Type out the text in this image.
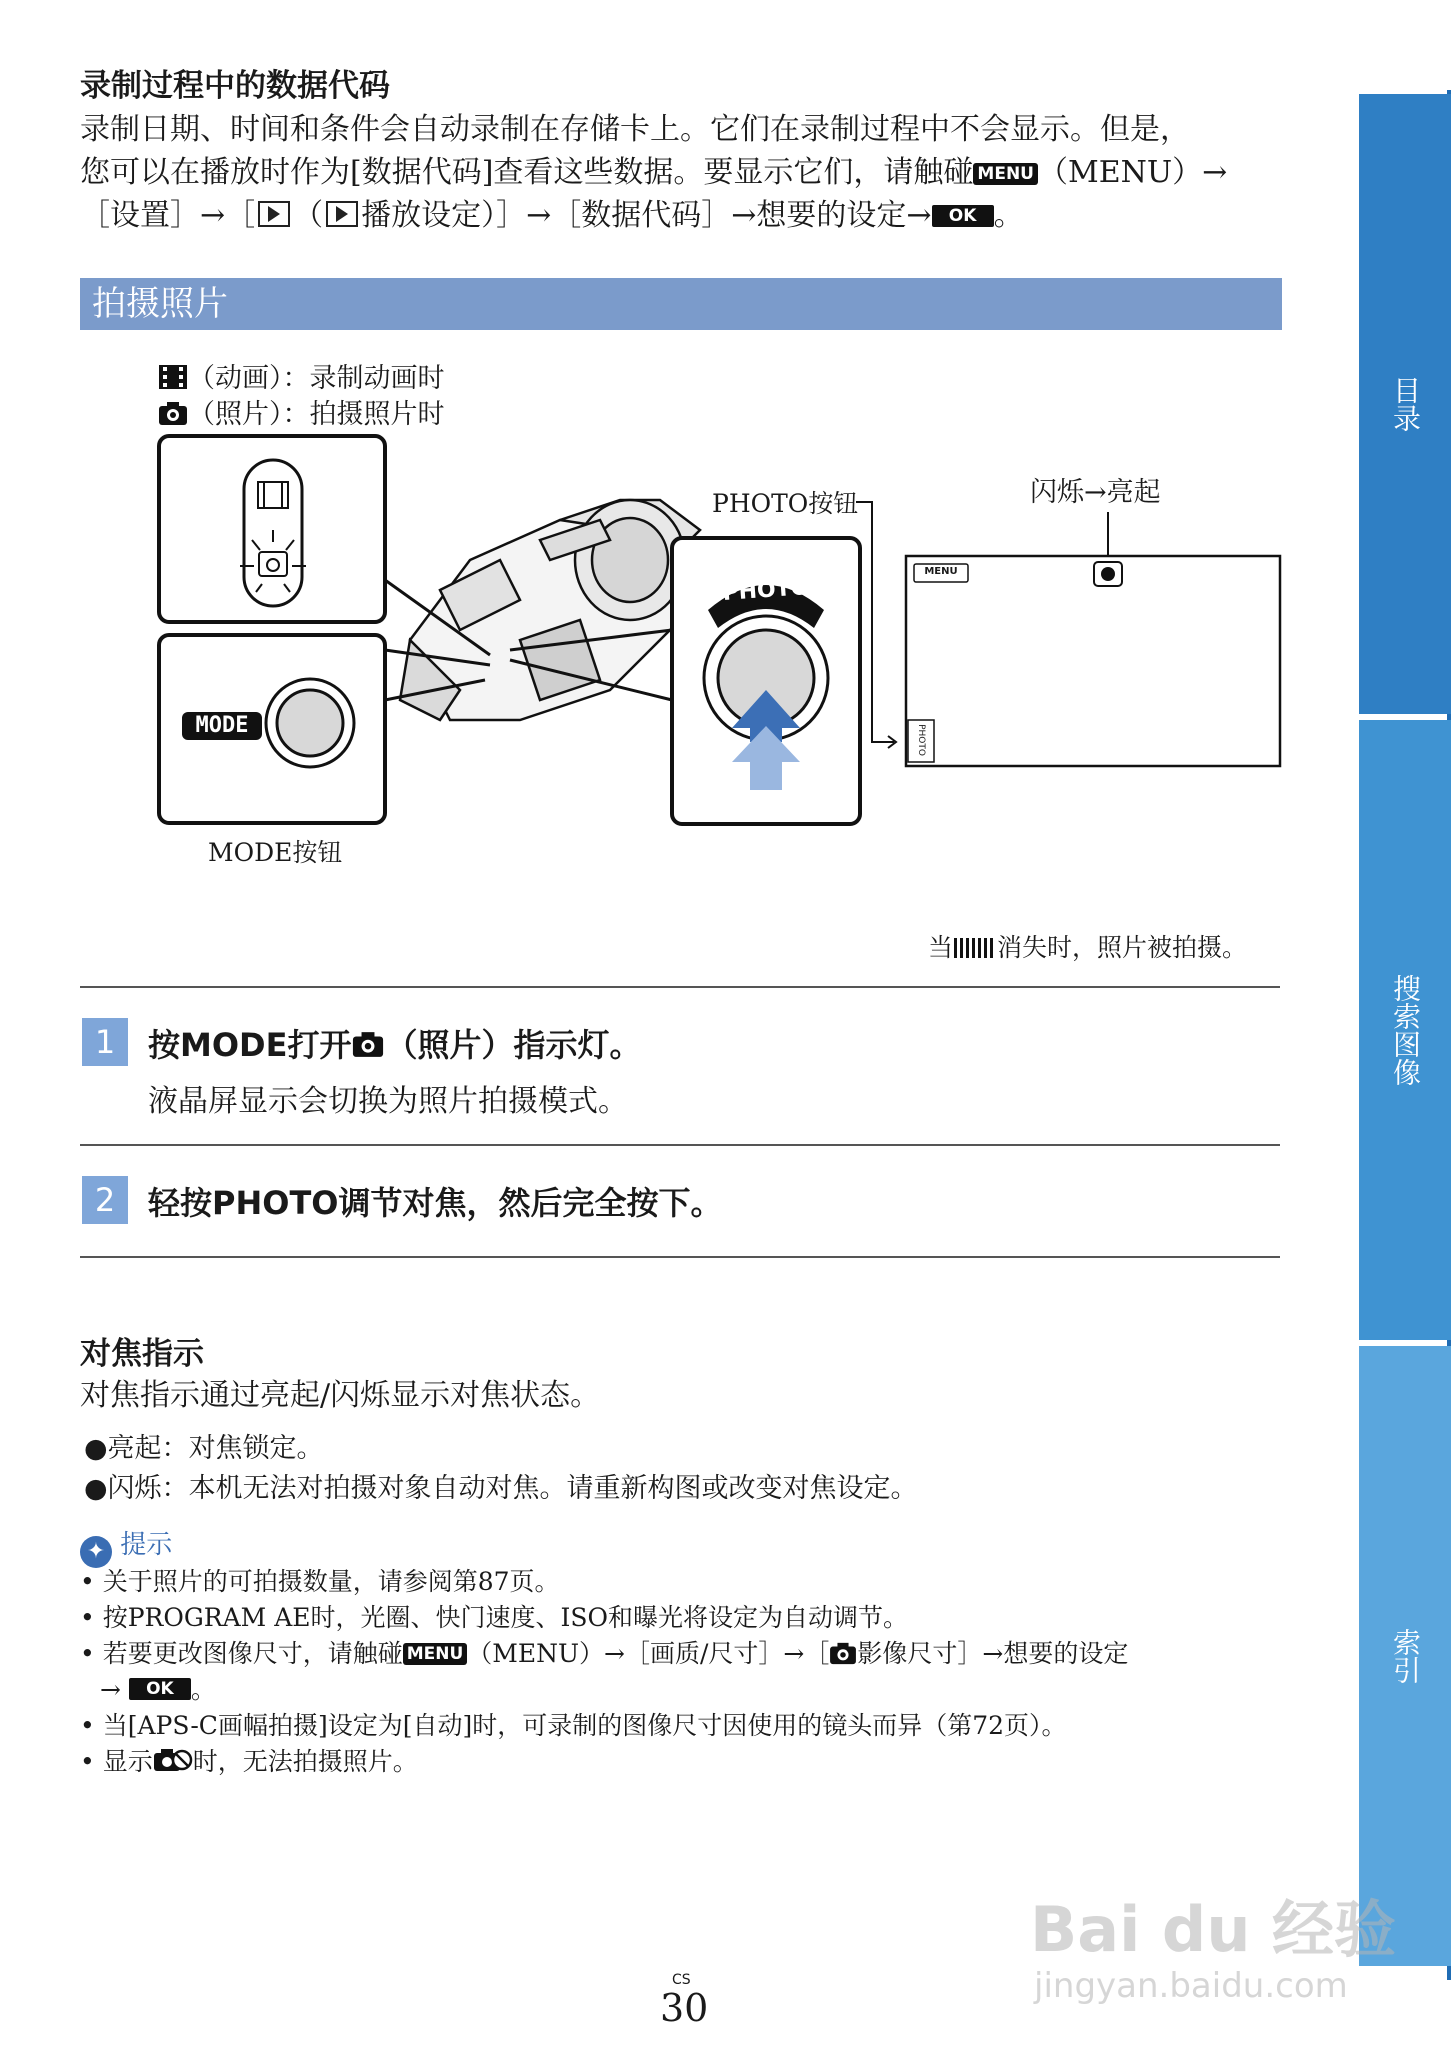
录制过程中的数据代码
录制日期、时间和条件会自动录制在存储卡上。它们在录制过程中不会显示。但是，
您可以在播放时作为[数据代码]查看这些数据。要显示它们，请触碰 MENU （MENU）→
［设置］→［ （ 播放设定）］→［数据代码］→想要的设定→ OK 。
拍摄照片
（动画）：录制动画时
（照片）：拍摄照片时
MODE
MODE按钮
PHOTO按钮
PHOTO
闪烁→亮起
MENU
PHOTO
当 消失时，照片被拍摄。
1	按MODE打开 （照片）指示灯。
液晶屏显示会切换为照片拍摄模式。
2	轻按PHOTO调节对焦，然后完全按下。
对焦指示
对焦指示通过亮起/闪烁显示对焦状态。
●亮起：对焦锁定。
●闪烁：本机无法对拍摄对象自动对焦。请重新构图或改变对焦设定。
✦ 提示
• 关于照片的可拍摄数量，请参阅第87页。
• 按PROGRAM AE时，光圈、快门速度、ISO和曝光将设定为自动调节。
• 若要更改图像尺寸，请触碰 MENU （MENU）→［画质/尺寸］→［ 影像尺寸］→想要的设定
→ OK 。
• 当[APS-C画幅拍摄]设定为[自动]时，可录制的图像尺寸因使用的镜头而异（第72页）。
• 显示 时，无法拍摄照片。
目录
搜索图像
索引
CS
30
Bai du 经验
jingyan.baidu.com
